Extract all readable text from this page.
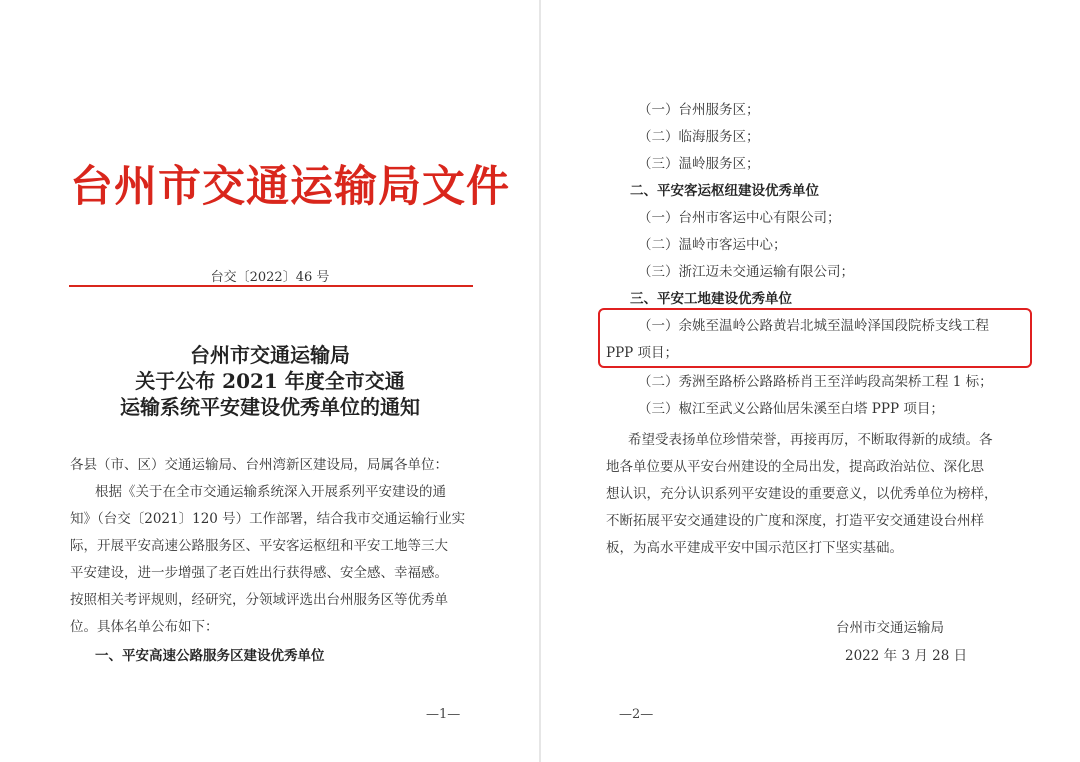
台州市交通运输局文件
台交〔2022〕46 号
台州市交通运输局
关于公布 2021 年度全市交通
运输系统平安建设优秀单位的通知
各县（市、区）交通运输局、台州湾新区建设局，局属各单位：
根据《关于在全市交通运输系统深入开展系列平安建设的通
知》（台交〔2021〕120 号）工作部署，结合我市交通运输行业实
际，开展平安高速公路服务区、平安客运枢纽和平安工地等三大
平安建设，进一步增强了老百姓出行获得感、安全感、幸福感。
按照相关考评规则，经研究，分领域评选出台州服务区等优秀单
位。具体名单公布如下：
一、平安高速公路服务区建设优秀单位
—1—
（一）台州服务区；
（二）临海服务区；
（三）温岭服务区；
二、平安客运枢纽建设优秀单位
（一）台州市客运中心有限公司；
（二）温岭市客运中心；
（三）浙江迈未交通运输有限公司；
三、平安工地建设优秀单位
（一）余姚至温岭公路黄岩北城至温岭泽国段院桥支线工程
PPP 项目；
（二）秀洲至路桥公路路桥肖王至洋屿段高架桥工程 1 标；
（三）椒江至武义公路仙居朱溪至白塔 PPP 项目；
希望受表扬单位珍惜荣誉，再接再厉，不断取得新的成绩。各
地各单位要从平安台州建设的全局出发，提高政治站位、深化思
想认识，充分认识系列平安建设的重要意义，以优秀单位为榜样，
不断拓展平安交通建设的广度和深度，打造平安交通建设台州样
板，为高水平建成平安中国示范区打下坚实基础。
台州市交通运输局
2022 年 3 月 28 日
—2—
